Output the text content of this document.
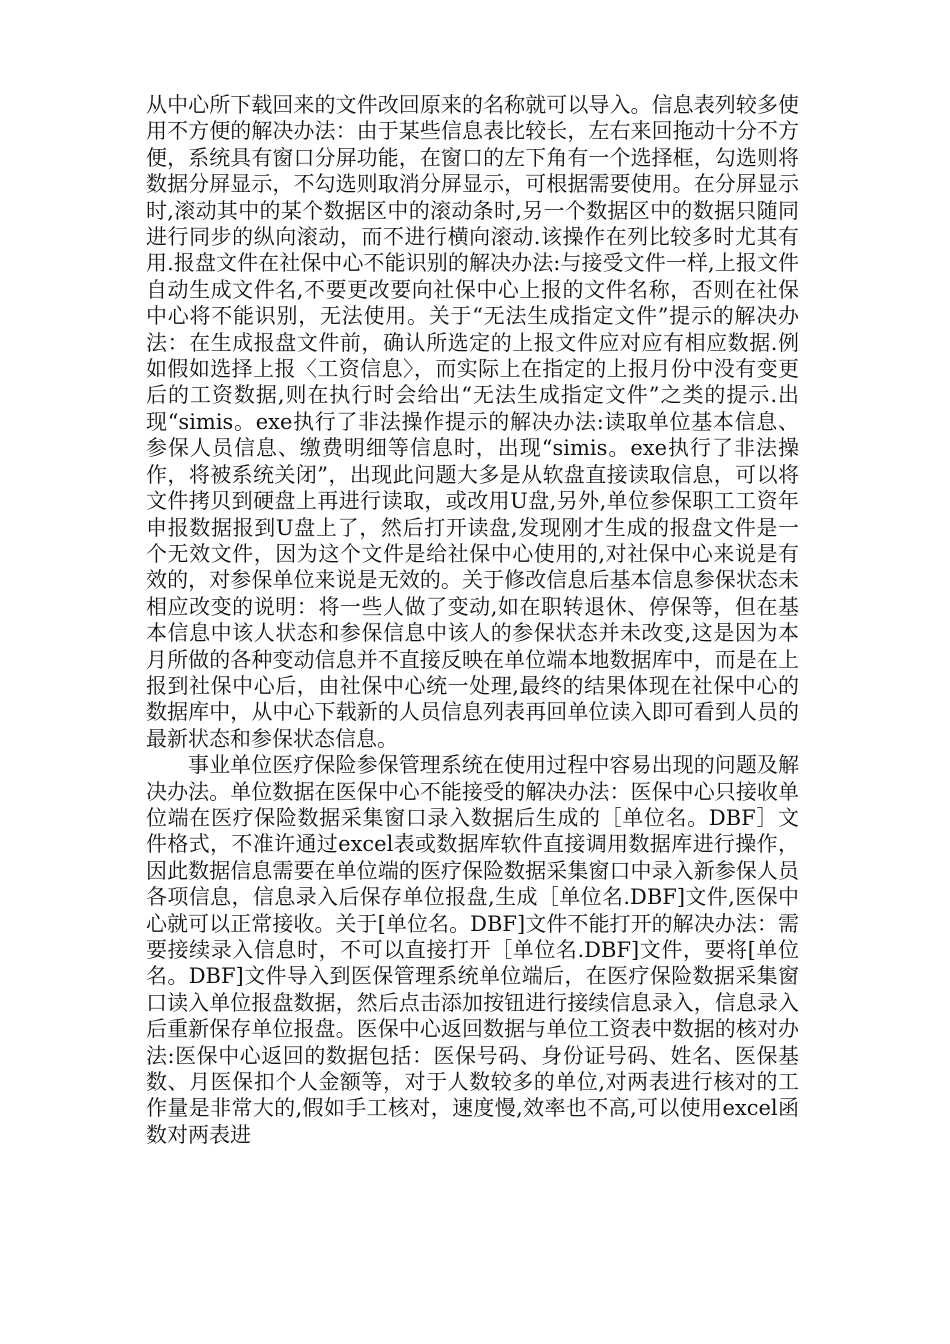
从中心所下载回来的文件改回原来的名称就可以导入。信息表列较多使用不方便的解决办法：由于某些信息表比较长，左右来回拖动十分不方便，系统具有窗口分屏功能，在窗口的左下角有一个选择框，勾选则将数据分屏显示，不勾选则取消分屏显示，可根据需要使用。在分屏显示时,滚动其中的某个数据区中的滚动条时,另一个数据区中的数据只随同进行同步的纵向滚动，而不进行横向滚动.该操作在列比较多时尤其有用.报盘文件在社保中心不能识别的解决办法:与接受文件一样,上报文件自动生成文件名,不要更改要向社保中心上报的文件名称，否则在社保中心将不能识别，无法使用。关于“无法生成指定文件”提示的解决办法：在生成报盘文件前，确认所选定的上报文件应对应有相应数据.例如假如选择上报〈工资信息〉，而实际上在指定的上报月份中没有变更后的工资数据,则在执行时会给出“无法生成指定文件”之类的提示.出现“simis。exe执行了非法操作提示的解决办法:读取单位基本信息、参保人员信息、缴费明细等信息时，出现“simis。exe执行了非法操作，将被系统关闭”，出现此问题大多是从软盘直接读取信息，可以将文件拷贝到硬盘上再进行读取，或改用U盘,另外,单位参保职工工资年申报数据报到U盘上了，然后打开读盘,发现刚才生成的报盘文件是一个无效文件，因为这个文件是给社保中心使用的,对社保中心来说是有效的，对参保单位来说是无效的。关于修改信息后基本信息参保状态未相应改变的说明：将一些人做了变动,如在职转退休、停保等，但在基本信息中该人状态和参保信息中该人的参保状态并未改变,这是因为本月所做的各种变动信息并不直接反映在单位端本地数据库中，而是在上报到社保中心后，由社保中心统一处理,最终的结果体现在社保中心的数据库中，从中心下载新的人员信息列表再回单位读入即可看到人员的最新状态和参保状态信息。

事业单位医疗保险参保管理系统在使用过程中容易出现的问题及解决办法。单位数据在医保中心不能接受的解决办法：医保中心只接收单位端在医疗保险数据采集窗口录入数据后生成的［单位名。DBF］文件格式，不准许通过excel表或数据库软件直接调用数据库进行操作，因此数据信息需要在单位端的医疗保险数据采集窗口中录入新参保人员各项信息，信息录入后保存单位报盘,生成［单位名.DBF]文件,医保中心就可以正常接收。关于[单位名。DBF]文件不能打开的解决办法：需要接续录入信息时，不可以直接打开［单位名.DBF]文件，要将[单位名。DBF]文件导入到医保管理系统单位端后，在医疗保险数据采集窗口读入单位报盘数据，然后点击添加按钮进行接续信息录入，信息录入后重新保存单位报盘。医保中心返回数据与单位工资表中数据的核对办法:医保中心返回的数据包括：医保号码、身份证号码、姓名、医保基数、月医保扣个人金额等，对于人数较多的单位,对两表进行核对的工作量是非常大的,假如手工核对，速度慢,效率也不高,可以使用excel函数对两表进
